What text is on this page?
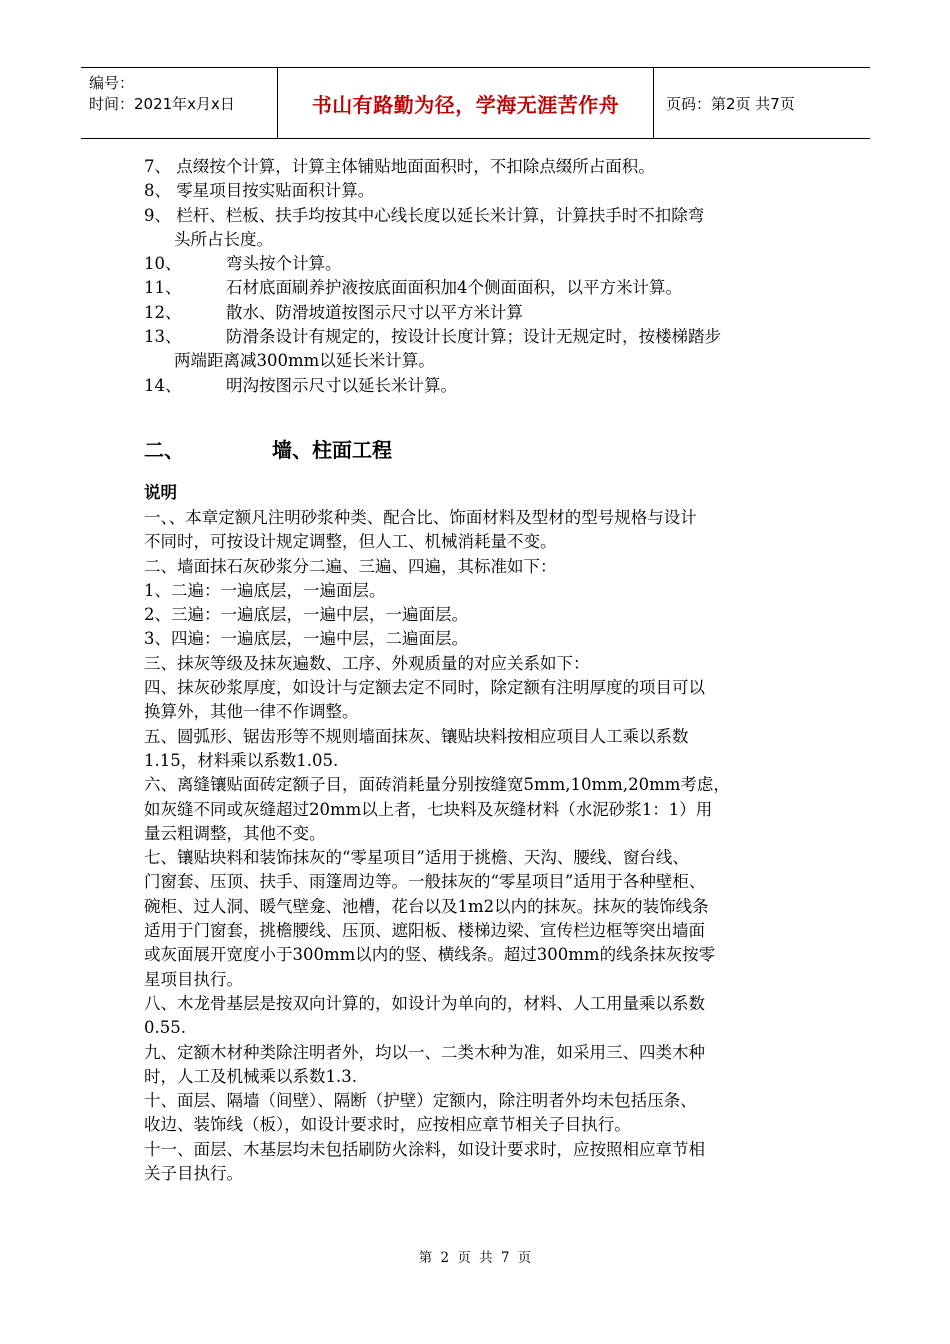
编号：
时间：2021年x月x日	书山有路勤为径，学海无涯苦作舟	页码：第2页 共7页
7、 点缀按个计算，计算主体铺贴地面面积时，不扣除点缀所占面积。
8、 零星项目按实贴面积计算。
9、 栏杆、栏板、扶手均按其中心线长度以延长米计算，计算扶手时不扣除弯
头所占长度。
10、	弯头按个计算。
11、	石材底面刷养护液按底面面积加4个侧面面积，以平方米计算。
12、	散水、防滑坡道按图示尺寸以平方米计算
13、	防滑条设计有规定的，按设计长度计算；设计无规定时，按楼梯踏步
两端距离减300mm以延长米计算。
14、	明沟按图示尺寸以延长米计算。
二、	墙、柱面工程
说明
一、、本章定额凡注明砂浆种类、配合比、饰面材料及型材的型号规格与设计
不同时，可按设计规定调整，但人工、机械消耗量不变。
二、墙面抹石灰砂浆分二遍、三遍、四遍，其标准如下：
1、二遍：一遍底层，一遍面层。
2、三遍：一遍底层，一遍中层，一遍面层。
3、四遍：一遍底层，一遍中层，二遍面层。
三、抹灰等级及抹灰遍数、工序、外观质量的对应关系如下：
四、抹灰砂浆厚度，如设计与定额去定不同时，除定额有注明厚度的项目可以
换算外，其他一律不作调整。
五、圆弧形、锯齿形等不规则墙面抹灰、镶贴块料按相应项目人工乘以系数
1.15，材料乘以系数1.05.
六、离缝镶贴面砖定额子目，面砖消耗量分别按缝宽5mm,10mm,20mm考虑，
如灰缝不同或灰缝超过20mm以上者，七块料及灰缝材料（水泥砂浆1：1）用
量云粗调整，其他不变。
七、镶贴块料和装饰抹灰的“零星项目”适用于挑檐、天沟、腰线、窗台线、
门窗套、压顶、扶手、雨篷周边等。一般抹灰的“零星项目”适用于各种壁柜、
碗柜、过人洞、暖气壁龛、池槽，花台以及1m2以内的抹灰。抹灰的装饰线条
适用于门窗套，挑檐腰线、压顶、遮阳板、楼梯边梁、宣传栏边框等突出墙面
或灰面展开宽度小于300mm以内的竖、横线条。超过300mm的线条抹灰按零
星项目执行。
八、木龙骨基层是按双向计算的，如设计为单向的，材料、人工用量乘以系数
0.55.
九、定额木材种类除注明者外，均以一、二类木种为准，如采用三、四类木种
时，人工及机械乘以系数1.3.
十、面层、隔墙（间壁）、隔断（护壁）定额内，除注明者外均未包括压条、
收边、装饰线（板），如设计要求时，应按相应章节相关子目执行。
十一、面层、木基层均未包括刷防火涂料，如设计要求时，应按照相应章节相
关子目执行。
第 2 页 共 7 页
